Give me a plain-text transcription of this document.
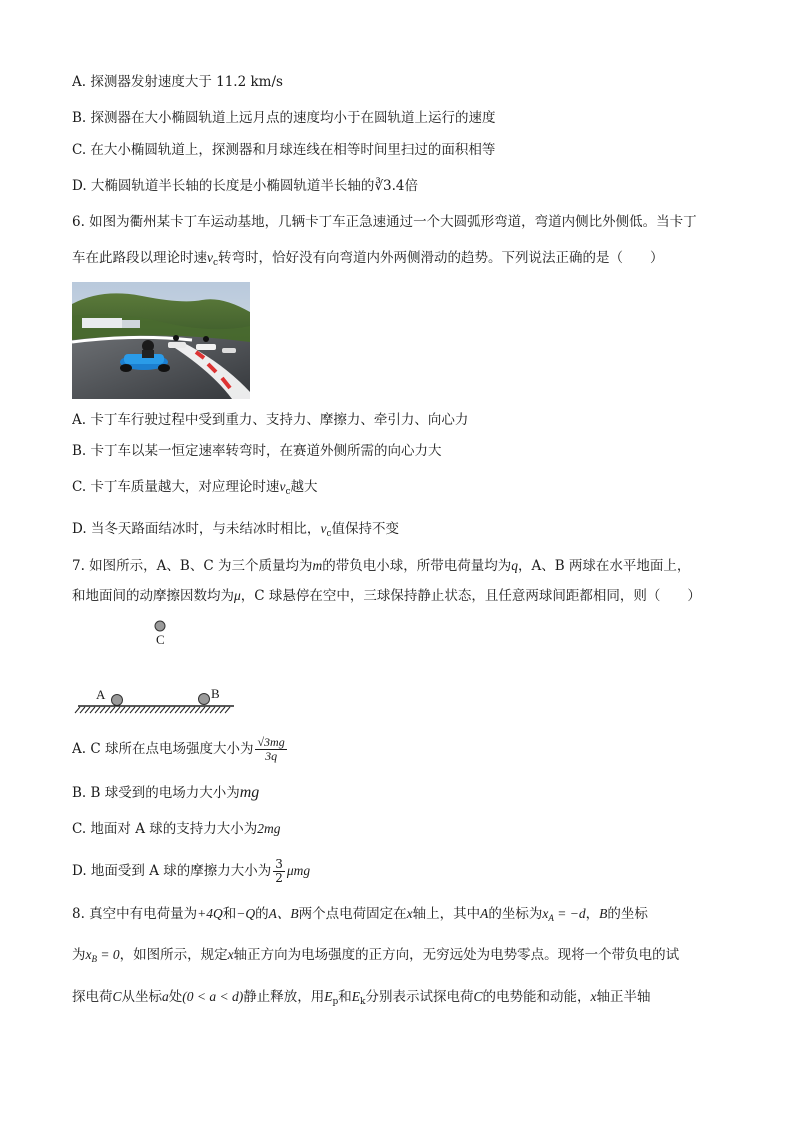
A. 探测器发射速度大于 11.2 km/s
B. 探测器在大小椭圆轨道上远月点的速度均小于在圆轨道上运行的速度
C. 在大小椭圆轨道上，探测器和月球连线在相等时间里扫过的面积相等
D. 大椭圆轨道半长轴的长度是小椭圆轨道半长轴的∛3.4倍
6. 如图为衢州某卡丁车运动基地，几辆卡丁车正急速通过一个大圆弧形弯道，弯道内侧比外侧低。当卡丁
车在此路段以理论时速$v_c$转弯时，恰好没有向弯道内外两侧滑动的趋势。下列说法正确的是（　　）
A. 卡丁车行驶过程中受到重力、支持力、摩擦力、牵引力、向心力
B. 卡丁车以某一恒定速率转弯时，在赛道外侧所需的向心力大
C. 卡丁车质量越大，对应理论时速$v_c$越大
D. 当冬天路面结冰时，与未结冰时相比，$v_c$值保持不变
7. 如图所示，A、B、C 为三个质量均为m的带负电小球，所带电荷量均为q，A、B 两球在水平地面上，
和地面间的动摩擦因数均为μ，C 球悬停在空中，三球保持静止状态，且任意两球间距都相同，则（　　）
C
A	B
A. C 球所在点电场强度大小为 $\frac{√3mg}{3q}$
B. B 球受到的电场力大小为mg
C. 地面对 A 球的支持力大小为2mg
D. 地面受到 A 球的摩擦力大小为 $\frac{3}{2}$ μmg
8. 真空中有电荷量为+4Q和−Q的A、B两个点电荷固定在x轴上，其中A的坐标为$x_A = -d$，B的坐标
为$x_B = 0$，如图所示，规定x轴正方向为电场强度的正方向，无穷远处为电势零点。现将一个带负电的试
探电荷C从坐标a处(0 < a < d)静止释放，用$E_p$和$E_k$分别表示试探电荷C的电势能和动能，x轴正半轴
